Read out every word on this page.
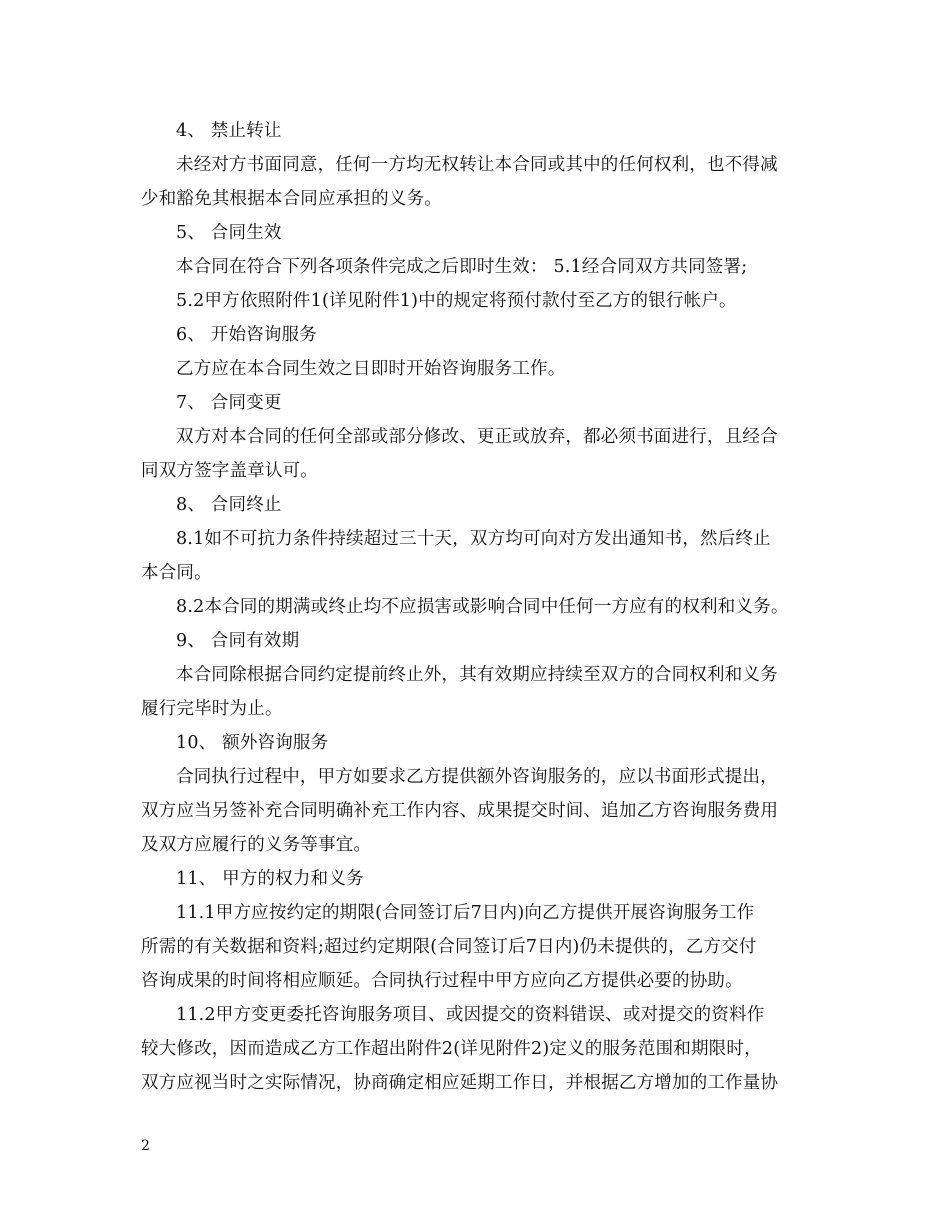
4、 禁止转让
未经对方书面同意，任何一方均无权转让本合同或其中的任何权利，也不得减
少和豁免其根据本合同应承担的义务。
5、 合同生效
本合同在符合下列各项条件完成之后即时生效： 5.1经合同双方共同签署;
5.2甲方依照附件1(详见附件1)中的规定将预付款付至乙方的银行帐户。
6、 开始咨询服务
乙方应在本合同生效之日即时开始咨询服务工作。
7、 合同变更
双方对本合同的任何全部或部分修改、更正或放弃，都必须书面进行，且经合
同双方签字盖章认可。
8、 合同终止
8.1如不可抗力条件持续超过三十天，双方均可向对方发出通知书，然后终止
本合同。
8.2本合同的期满或终止均不应损害或影响合同中任何一方应有的权利和义务。
9、 合同有效期
本合同除根据合同约定提前终止外，其有效期应持续至双方的合同权利和义务
履行完毕时为止。
10、 额外咨询服务
合同执行过程中，甲方如要求乙方提供额外咨询服务的，应以书面形式提出，
双方应当另签补充合同明确补充工作内容、成果提交时间、追加乙方咨询服务费用
及双方应履行的义务等事宜。
11、 甲方的权力和义务
11.1甲方应按约定的期限(合同签订后7日内)向乙方提供开展咨询服务工作
所需的有关数据和资料;超过约定期限(合同签订后7日内)仍未提供的，乙方交付
咨询成果的时间将相应顺延。合同执行过程中甲方应向乙方提供必要的协助。
11.2甲方变更委托咨询服务项目、或因提交的资料错误、或对提交的资料作
较大修改，因而造成乙方工作超出附件2(详见附件2)定义的服务范围和期限时，
双方应视当时之实际情况，协商确定相应延期工作日，并根据乙方增加的工作量协
2
